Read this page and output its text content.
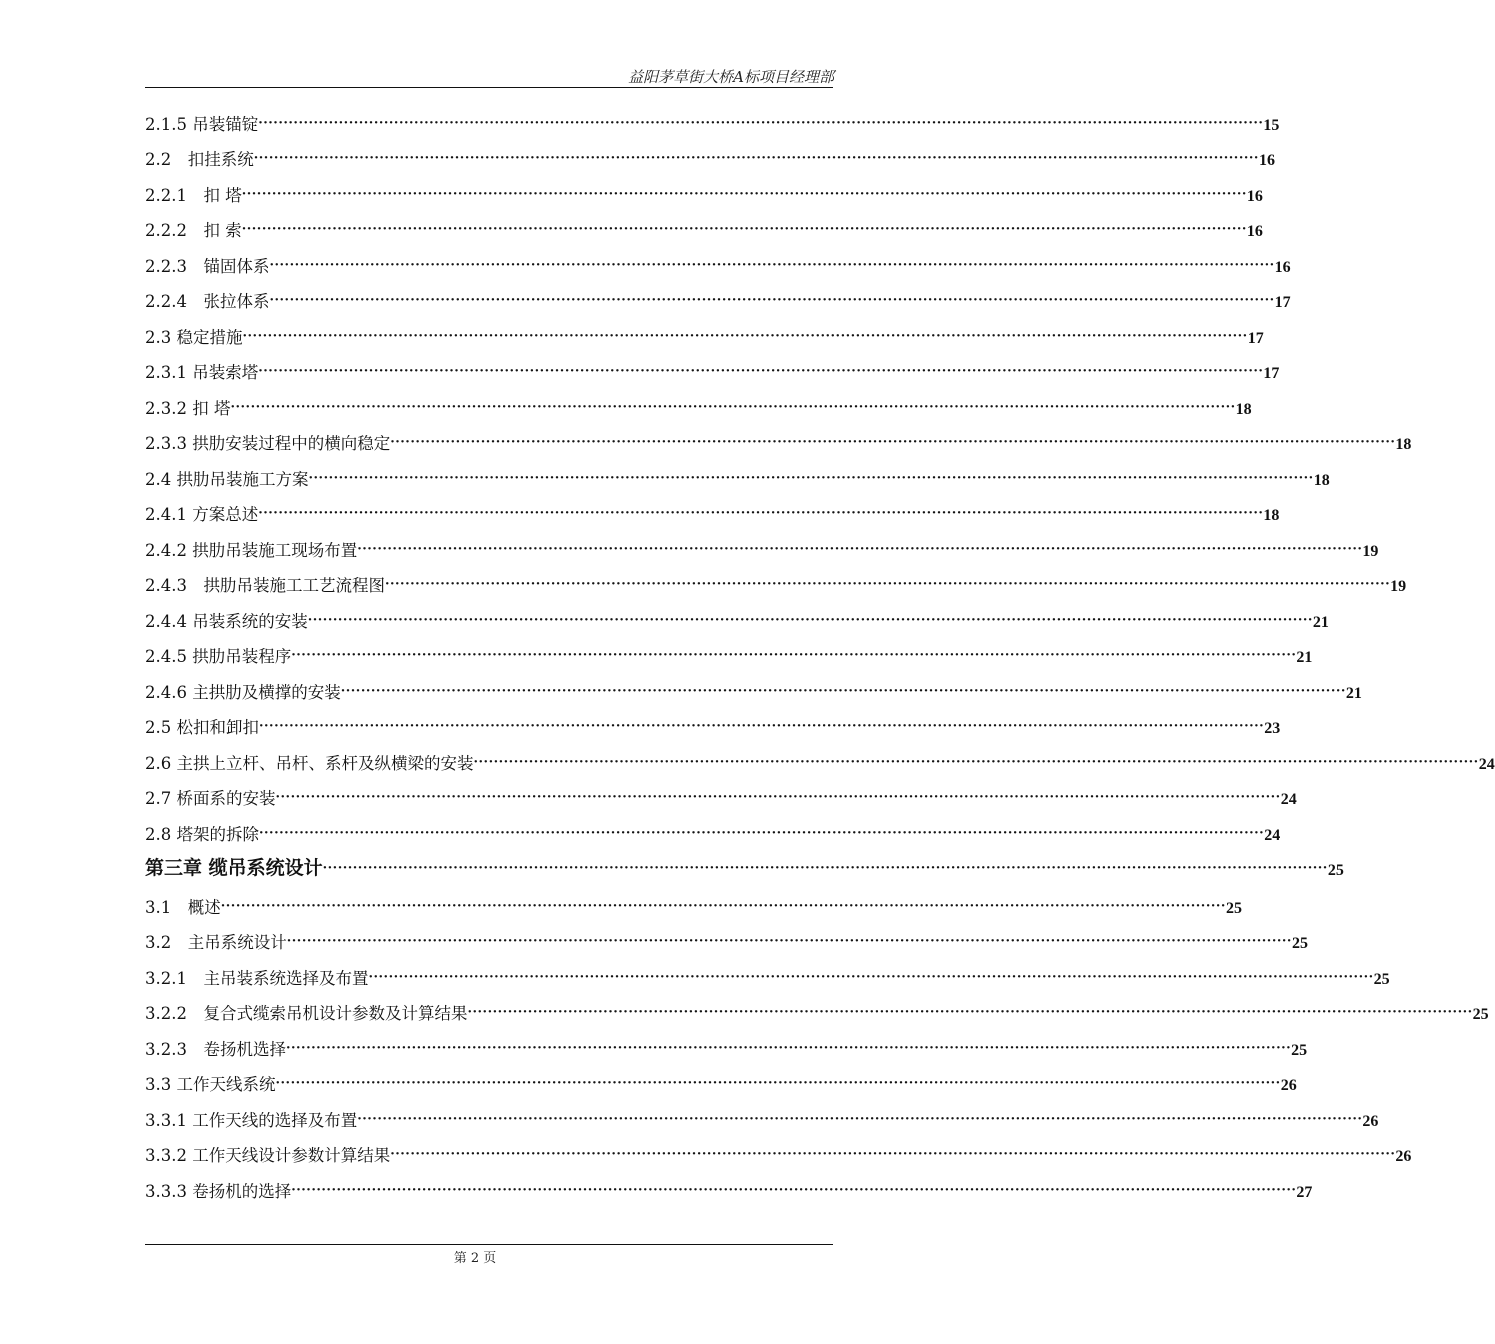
益阳茅草街大桥A标项目经理部
2.1.5 吊装锚锭 ········································································································································································································ 15
2.2　扣挂系统 ········································································································································································································ 16
2.2.1　扣 塔 ········································································································································································································ 16
2.2.2　扣 索 ········································································································································································································ 16
2.2.3　锚固体系 ········································································································································································································ 16
2.2.4　张拉体系 ········································································································································································································ 17
2.3 稳定措施 ········································································································································································································ 17
2.3.1 吊装索塔 ········································································································································································································ 17
2.3.2 扣 塔 ········································································································································································································ 18
2.3.3 拱肋安装过程中的横向稳定 ········································································································································································································ 18
2.4 拱肋吊装施工方案 ········································································································································································································ 18
2.4.1 方案总述 ········································································································································································································ 18
2.4.2 拱肋吊装施工现场布置 ········································································································································································································ 19
2.4.3　拱肋吊装施工工艺流程图 ········································································································································································································ 19
2.4.4 吊装系统的安装 ········································································································································································································ 21
2.4.5 拱肋吊装程序 ········································································································································································································ 21
2.4.6 主拱肋及横撑的安装 ········································································································································································································ 21
2.5 松扣和卸扣 ········································································································································································································ 23
2.6 主拱上立杆、吊杆、系杆及纵横梁的安装 ········································································································································································································ 24
2.7 桥面系的安装 ········································································································································································································ 24
2.8 塔架的拆除 ········································································································································································································ 24
第三章 缆吊系统设计 ········································································································································································································ 25
3.1　概述 ········································································································································································································ 25
3.2　主吊系统设计 ········································································································································································································ 25
3.2.1　主吊装系统选择及布置 ········································································································································································································ 25
3.2.2　复合式缆索吊机设计参数及计算结果 ········································································································································································································ 25
3.2.3　卷扬机选择 ········································································································································································································ 25
3.3 工作天线系统 ········································································································································································································ 26
3.3.1 工作天线的选择及布置 ········································································································································································································ 26
3.3.2 工作天线设计参数计算结果 ········································································································································································································ 26
3.3.3 卷扬机的选择 ········································································································································································································ 27
第 2 页
